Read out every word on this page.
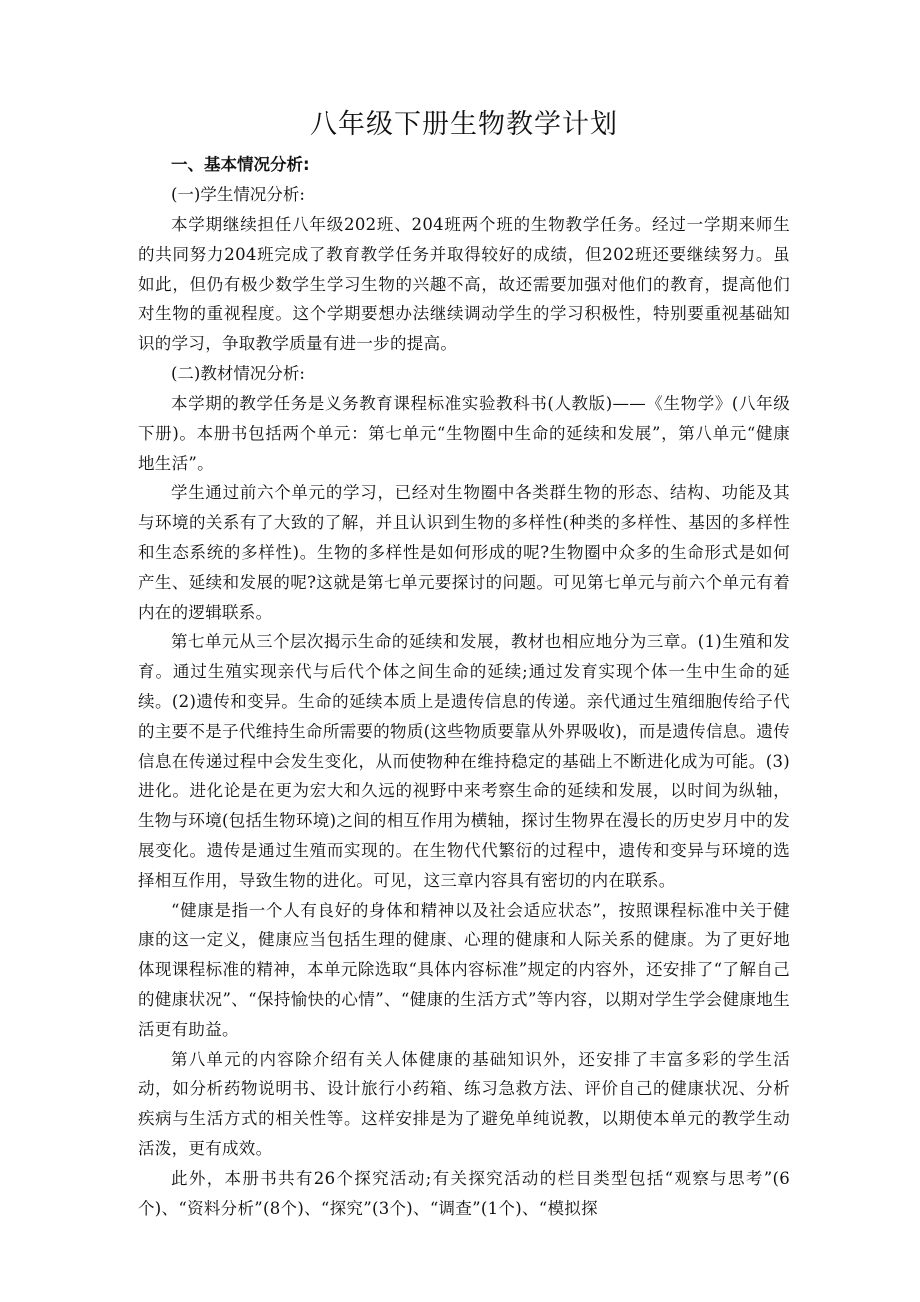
八年级下册生物教学计划

一、基本情况分析:

(一)学生情况分析:

本学期继续担任八年级202班、204班两个班的生物教学任务。经过一学期来师生的共同努力204班完成了教育教学任务并取得较好的成绩，但202班还要继续努力。虽如此，但仍有极少数学生学习生物的兴趣不高，故还需要加强对他们的教育，提高他们对生物的重视程度。这个学期要想办法继续调动学生的学习积极性，特别要重视基础知识的学习，争取教学质量有进一步的提高。

(二)教材情况分析:

本学期的教学任务是义务教育课程标准实验教科书(人教版)——《生物学》(八年级下册)。本册书包括两个单元：第七单元“生物圈中生命的延续和发展”，第八单元“健康地生活”。

学生通过前六个单元的学习，已经对生物圈中各类群生物的形态、结构、功能及其与环境的关系有了大致的了解，并且认识到生物的多样性(种类的多样性、基因的多样性和生态系统的多样性)。生物的多样性是如何形成的呢?生物圈中众多的生命形式是如何产生、延续和发展的呢?这就是第七单元要探讨的问题。可见第七单元与前六个单元有着内在的逻辑联系。

第七单元从三个层次揭示生命的延续和发展，教材也相应地分为三章。(1)生殖和发育。通过生殖实现亲代与后代个体之间生命的延续;通过发育实现个体一生中生命的延续。(2)遗传和变异。生命的延续本质上是遗传信息的传递。亲代通过生殖细胞传给子代的主要不是子代维持生命所需要的物质(这些物质要靠从外界吸收)，而是遗传信息。遗传信息在传递过程中会发生变化，从而使物种在维持稳定的基础上不断进化成为可能。(3)进化。进化论是在更为宏大和久远的视野中来考察生命的延续和发展，以时间为纵轴，生物与环境(包括生物环境)之间的相互作用为横轴，探讨生物界在漫长的历史岁月中的发展变化。遗传是通过生殖而实现的。在生物代代繁衍的过程中，遗传和变异与环境的选择相互作用，导致生物的进化。可见，这三章内容具有密切的内在联系。

“健康是指一个人有良好的身体和精神以及社会适应状态”，按照课程标准中关于健康的这一定义，健康应当包括生理的健康、心理的健康和人际关系的健康。为了更好地体现课程标准的精神，本单元除选取“具体内容标准”规定的内容外，还安排了“了解自己的健康状况”、“保持愉快的心情”、“健康的生活方式”等内容，以期对学生学会健康地生活更有助益。

第八单元的内容除介绍有关人体健康的基础知识外，还安排了丰富多彩的学生活动，如分析药物说明书、设计旅行小药箱、练习急救方法、评价自己的健康状况、分析疾病与生活方式的相关性等。这样安排是为了避免单纯说教，以期使本单元的教学生动活泼，更有成效。

此外，本册书共有26个探究活动;有关探究活动的栏目类型包括“观察与思考”(6个)、“资料分析”(8个)、“探究”(3个)、“调查”(1个)、“模拟探
